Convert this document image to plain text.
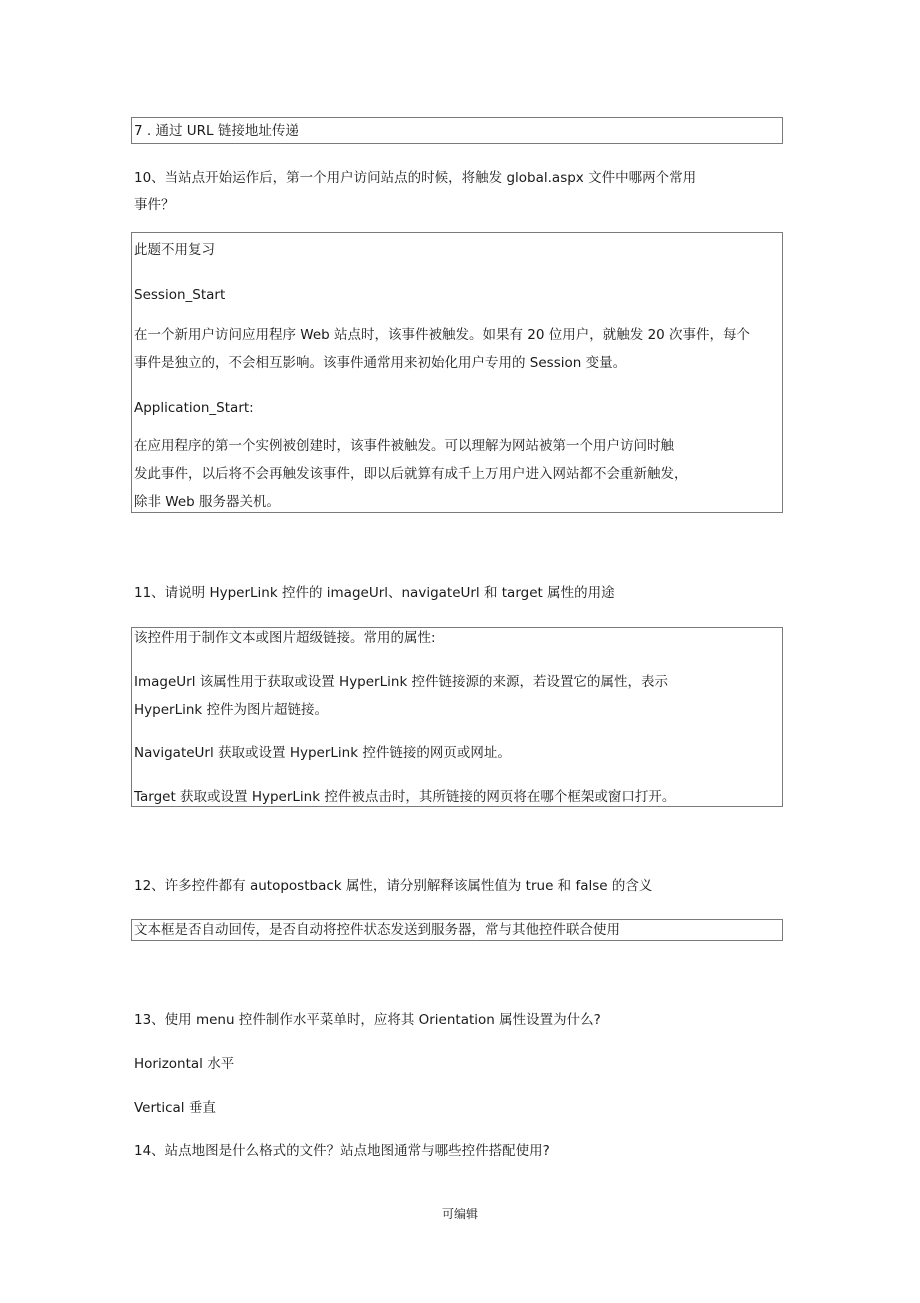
7 . 通过 URL 链接地址传递
10、当站点开始运作后，第一个用户访问站点的时候，将触发 global.aspx 文件中哪两个常用
事件？
此题不用复习
Session_Start
在一个新用户访问应用程序 Web 站点时，该事件被触发。如果有 20 位用户，就触发 20 次事件，每个
事件是独立的，不会相互影响。该事件通常用来初始化用户专用的 Session 变量。
Application_Start:
在应用程序的第一个实例被创建时，该事件被触发。可以理解为网站被第一个用户访问时触
发此事件，以后将不会再触发该事件，即以后就算有成千上万用户进入网站都不会重新触发，
除非 Web 服务器关机。
11、请说明 HyperLink 控件的 imageUrl、navigateUrl 和 target 属性的用途
该控件用于制作文本或图片超级链接。常用的属性:
ImageUrl 该属性用于获取或设置 HyperLink 控件链接源的来源，若设置它的属性，表示
HyperLink 控件为图片超链接。
NavigateUrl 获取或设置 HyperLink 控件链接的网页或网址。
Target 获取或设置 HyperLink 控件被点击时，其所链接的网页将在哪个框架或窗口打开。
12、许多控件都有 autopostback 属性，请分别解释该属性值为 true 和 false 的含义
文本框是否自动回传，是否自动将控件状态发送到服务器，常与其他控件联合使用
13、使用 menu 控件制作水平菜单时，应将其 Orientation 属性设置为什么?
Horizontal 水平
Vertical 垂直
14、站点地图是什么格式的文件？站点地图通常与哪些控件搭配使用?
可编辑
